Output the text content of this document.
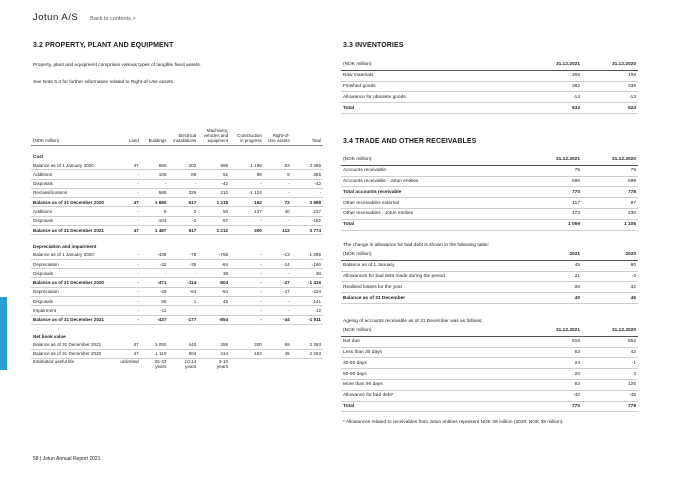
Jotun A/S Back to contents >
3.2 PROPERTY, PLANT AND EQUIPMENT
Property, plant and equipment comprises various types of tangible fixed assets.
See Note 5.4 for further information related to Right-of-Use assets.
(NOK million)	Land	Buildings	Electrical
installations	Machinery,
vehicles and
equipment	Construction
in progress	Right-of-
Use assets	Total
Cost							
Balance as of 1 January 2020	47	885	202	999	1 199	63	3 385
Additions	-	108	89	51	98	9	355
Disposals	-	-	-	-42	-	-	-42
Reclassifications	-	588	326	210	-1 124	-	-
Balance as of 31 December 2020	47	1 580	617	1 218	162	72	3 698
Additions	-	9	2	50	137	40	237
Disposals	-	-103	-2	-57	-	-	-162
Balance as of 31 December 2021	47	1 487	617	1 212	300	112	3 774
Depreciation and impairment							
Balance as of 1 January 2020	-	-438	-78	-758	-	-13	-1 288
Depreciation	-	-32	-35	-84	-	-14	-166
Disposals	-	-	-	38	-	-	38
Balance as of 31 December 2020	-	-471	-114	-804	-	-27	-1 416
Depreciation	-	-49	-64	-94	-	-17	-224
Disposals	-	95	1	45	-	-	141
Impairment	-	-11	-	-	-	-	-12
Balance as of 31 December 2021	-	-437	-177	-854	-	-44	-1 511
Net book value							
Balance as of 31 December 2021	47	1 050	440	358	300	69	2 263
Balance as of 31 December 2020	47	1 110	504	414	163	45	2 283
Estimated useful life	unlimited	25-33
years	10-14
years	3-10
years			
3.3 INVENTORIES
(NOK million)	31.12.2021	31.12.2020
Raw materials	265	198
Finished goods	382	339
Allowance for obsolete goods	-14	-13
Total	633	524
3.4 TRADE AND OTHER RECEIVABLES
(NOK million)	31.12.2021	31.12.2020
Accounts receivable	75	79
Accounts receivable - Jotun entities	695	699
Total accounts receivable	770	778
Other receivables external	117	97
Other receivables - Jotun entities	173	230
Total	1 059	1 105
The change in allowance for bad debt is shown in the following table:
(NOK million)	2021	2020
Balance as of 1 January	45	80
Allowances for bad debt made during the period	21	-3
Realised losses for the year	-26	-32
Balance as of 31 December	40	45
Ageing of accounts receivable as of 31 December was as follows:
(NOK million)	31.12.2021	31.12.2020
Not due	618	652
Less than 30 days	53	42
30-60 days	24	-1
60-90 days	20	3
More than 90 days	93	126
Allowance for bad debt*	-40	-45
Total	770	778
* Allowances related to receivables from Jotun entities represent NOK 39 million (2020: NOK 39 million).
58 | Jotun Annual Report 2021
